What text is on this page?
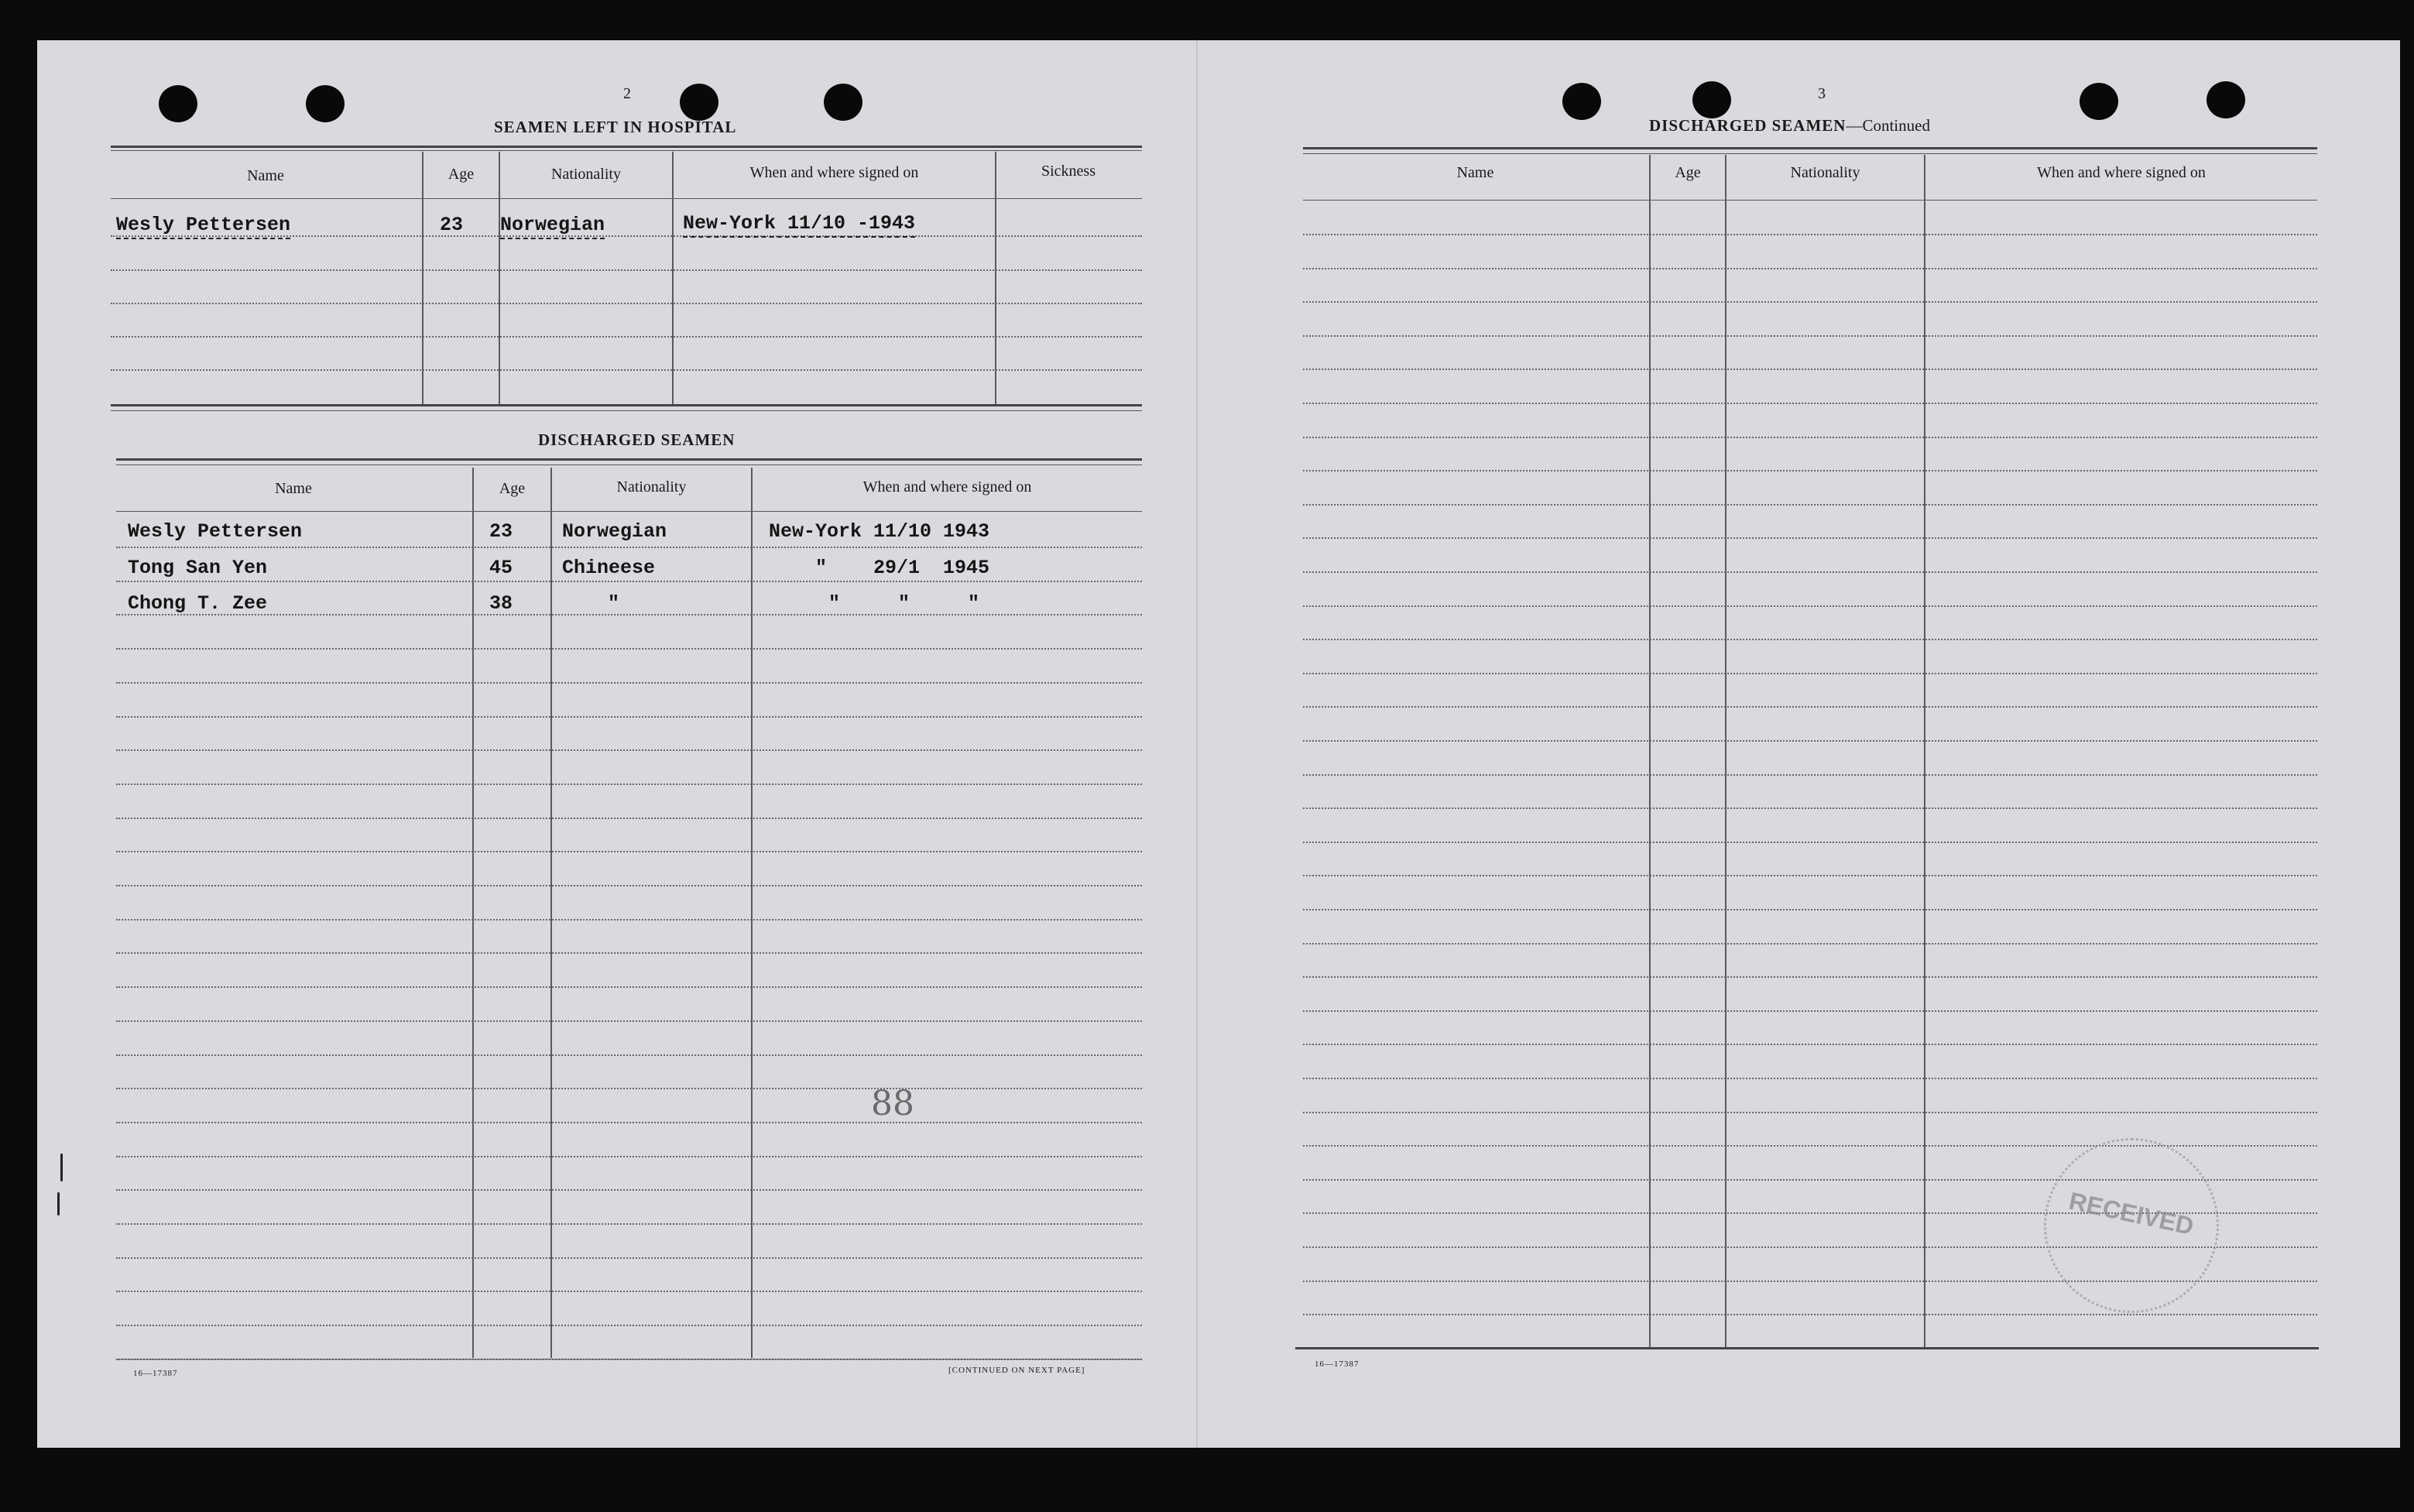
2
SEAMEN LEFT IN HOSPITAL
Name	Age	Nationality	When and where signed on	Sickness
Wesly Pettersen	23 Norwegian	New-York 11/10 -1943
DISCHARGED SEAMEN
Name	Age	Nationality	When and where signed on
Wesly Pettersen	23	Norwegian	New-York 11/10 1943
Tong San Yen	45	Chineese	"    29/1  1945
Chong T. Zee	38	"	"     "     "
88
16—17387	[CONTINUED ON NEXT PAGE]
3
DISCHARGED SEAMEN—Continued
Name	Age	Nationality	When and where signed on
16—17387
RECEIVED
